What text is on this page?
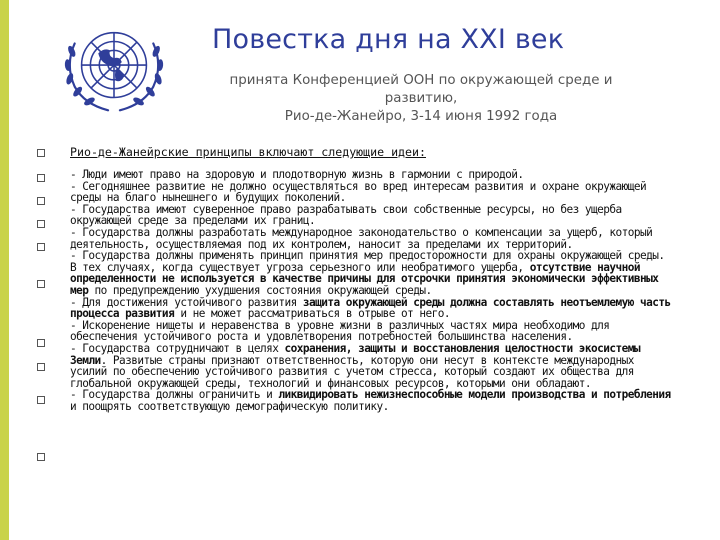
Повестка дня на XXI век
принята Конференцией ООН по окружающей среде и развитию,
Рио-де-Жанейро, 3-14 июня 1992 года
Рио-де-Жанейрские принципы включают следующие идеи:

- Люди имеют право на здоровую и плодотворную жизнь в гармонии с природой.

- Сегодняшнее развитие не должно осуществляться во вред интересам развития и охране окружающей среды на благо нынешнего и будущих поколений.

- Государства имеют суверенное право разрабатывать свои собственные ресурсы, но без ущерба окружающей среде за пределами их границ.

- Государства должны разработать международное законодательство о компенсации за ущерб, который деятельность, осуществляемая под их контролем, наносит за пределами их территорий.

- Государства должны применять принцип принятия мер предосторожности для охраны окружающей среды. В тех случаях, когда существует угроза серьезного или необратимого ущерба, отсутствие научной определенности не используется в качестве причины для отсрочки принятия экономически эффективных мер по предупреждению ухудшения состояния окружающей среды.

- Для достижения устойчивого развития защита окружающей среды должна составлять неотъемлемую часть процесса развития и не может рассматриваться в отрыве от него.

- Искоренение нищеты и неравенства в уровне жизни в различных частях мира необходимо для обеспечения устойчивого роста и удовлетворения потребностей большинства населения.

- Государства сотрудничают в целях сохранения, защиты и восстановления целостности экосистемы Земли. Развитые страны признают ответственность, которую они несут в контексте международных усилий по обеспечению устойчивого развития с учетом стресса, который создают их общества для глобальной окружающей среды, технологий и финансовых ресурсов, которыми они обладают.

- Государства должны ограничить и ликвидировать нежизнеспособные модели производства и потребления и поощрять соответствующую демографическую политику.
